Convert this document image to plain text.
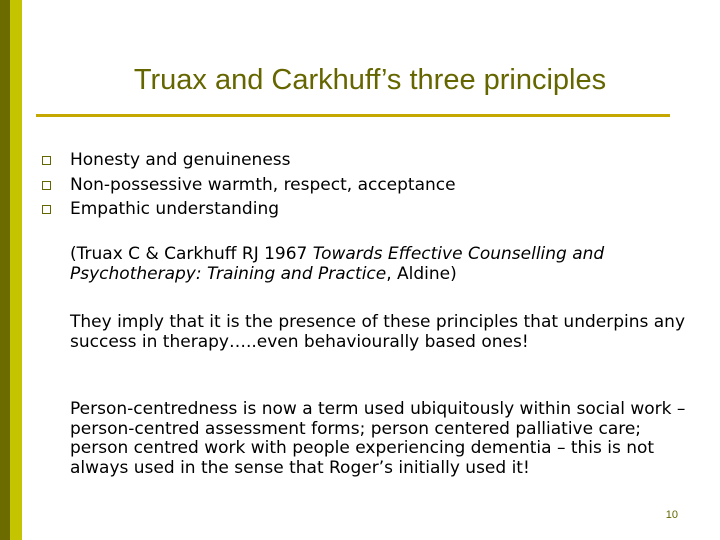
Truax and Carkhuff’s three principles
Honesty and genuineness
Non-possessive warmth, respect, acceptance
Empathic understanding

(Truax C & Carkhuff RJ 1967 Towards Effective Counselling and Psychotherapy: Training and Practice, Aldine)

They imply that it is the presence of these principles that underpins any success in therapy…..even behaviourally based ones!

Person-centredness is now a term used ubiquitously within social work – person-centred assessment forms; person centered palliative care; person centred work with people experiencing dementia – this is not always used in the sense that Roger’s initially used it!

10
